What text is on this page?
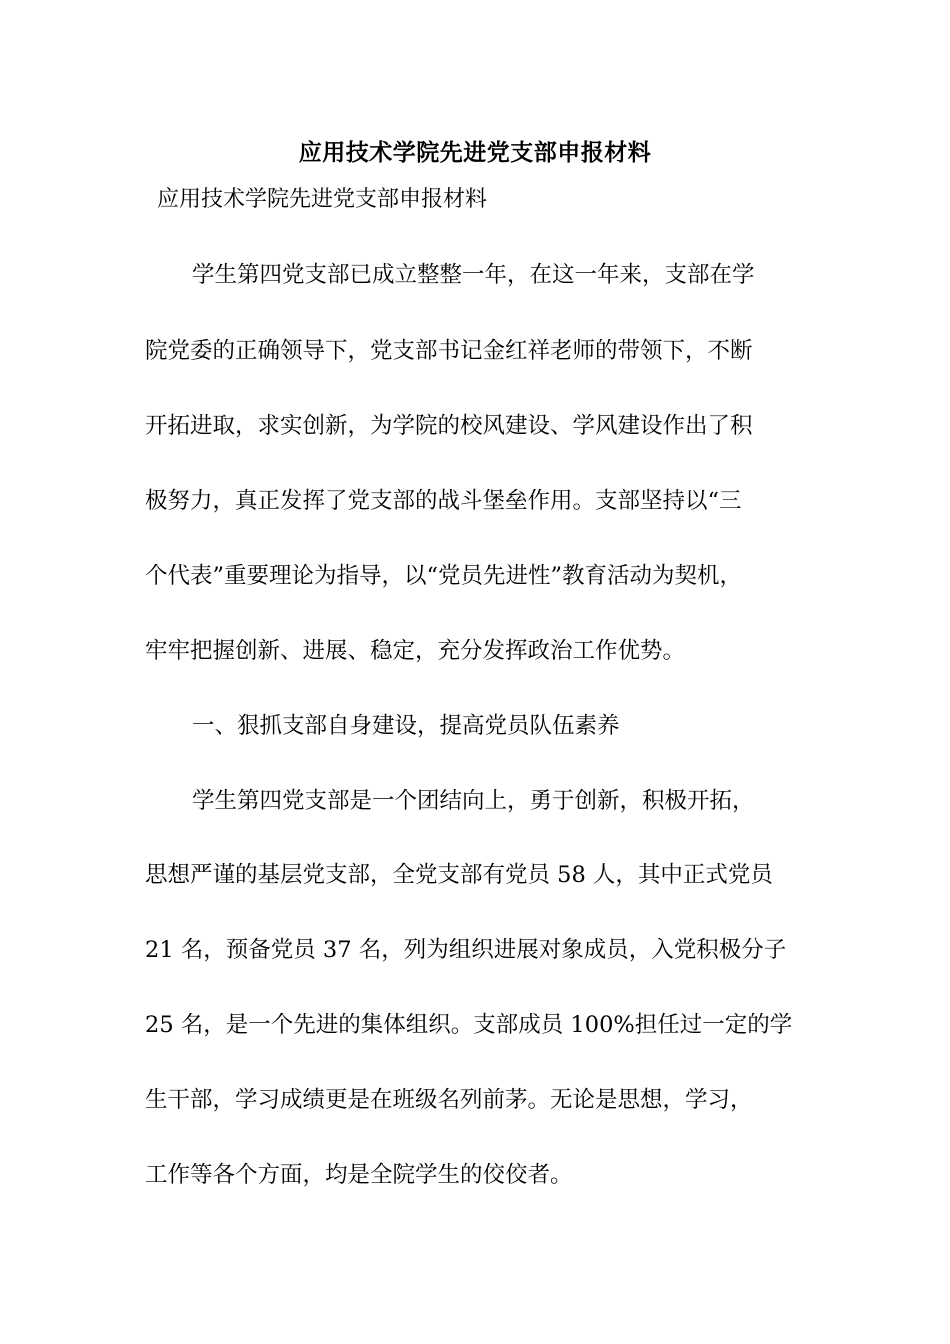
应用技术学院先进党支部申报材料
应用技术学院先进党支部申报材料
学生第四党支部已成立整整一年，在这一年来，支部在学
院党委的正确领导下，党支部书记金红祥老师的带领下，不断
开拓进取，求实创新，为学院的校风建设、学风建设作出了积
极努力，真正发挥了党支部的战斗堡垒作用。支部坚持以“三
个代表”重要理论为指导，以“党员先进性”教育活动为契机，
牢牢把握创新、进展、稳定，充分发挥政治工作优势。
一、狠抓支部自身建设，提高党员队伍素养
学生第四党支部是一个团结向上，勇于创新，积极开拓，
思想严谨的基层党支部，全党支部有党员 58 人，其中正式党员
21 名，预备党员 37 名，列为组织进展对象成员，入党积极分子
25 名，是一个先进的集体组织。支部成员 100%担任过一定的学
生干部，学习成绩更是在班级名列前茅。无论是思想，学习，
工作等各个方面，均是全院学生的佼佼者。
